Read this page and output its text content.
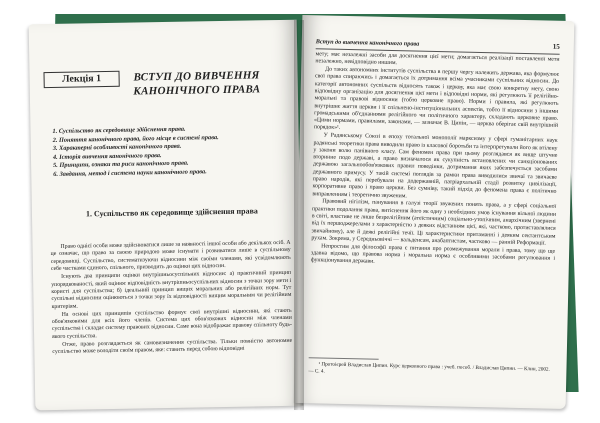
Лекція 1	ВСТУП ДО ВИВЧЕННЯ КАНОНІЧНОГО ПРАВА
1. Суспільство як середовище здійснення права.
2. Поняття канонічного права, його місце в системі права.
3. Характерні особливості канонічного права.
4. Історія вивчення канонічного права.
5. Принципи, ознаки та риси канонічного права.
6. Завдання, метод і система науки канонічного права.
1. Суспільство як середовище здійснення права

Право однієї особи може здійснюватися лише за наявності іншої особи або декількох осіб. А це означає, що право за своєю природою може існувати і розвиватися лише в суспільному середовищі. Суспільство, систематизуючи відносини між своїми членами, які усвідомлюють себе частками єдиного, спільного, призводить до оцінки цих відносин.

Існують два принципи оцінки внутрішньосуспільних відносин: а) практичний принцип упорядкованості, який оцінює відповідність внутрішньосуспільних відносин з точки зору мети і користі для суспільства; б) ідеальний принцип вищих моральних або релігійних норм. Тут суспільні відносини оцінюються з точки зору їх відповідності вищим моральним чи релігійним критеріям.

На основі цих принципів суспільство формує свої внутрішні відносини, які стають обов'язковими для всіх його членів. Система цих обов'язкових відносин між членами суспільства і складає систему правових відносин. Саме вона відображає правову спільноту будь-якого суспільства.

Отже, право розглядається як самовизначення суспільства. Тільки повністю автономне суспільство може володіти своїм правом, яке: ставить перед собою відповідні

Вступ до вивчення канонічного права	15

мету; має незалежні засоби для досягнення цієї мети; домагається реалізації поставленої мети незалежно, невідповідно иншим.

До таких автономних інститутів суспільства в першу чергу належить держава, яка формулює свої права спираючись і домагається їх дотримання всіма учасниками суспільних відносин. До категорії автономних суспільств відносять також і церкву, яка має свою конкретну мету, свою відповідну організацію для досягнення цієї мети і відповідні норми, які регулюють її релігійно-моральні та правові відносини (тобто церковне право). Норми і правила, які регулюють внутрішнє життя церкви і її спільнено-інституціональних аспектів, тобто її відносини з іншими громадськими об'єднаннями релігійного чи політичного характеру, складають церковне право. «Цими нормами, правилами, законами, — зазначає В. Ципін, — церква оберігає свій внутрішній порядок»¹.

У Радянському Союзі в епоху тотальної монополії марксизму у сфері гуманітарних наук радянські теоретики права виводили право із класової боротьби та інтерпретували його як втілену у закони волю панівного класу. Сам феномен права при цьому розглядався як вище штучне вторинне подо державі, а право визначалося як сукупність встановлених чи санкціонованих державою загальнообов'язкових правил поведінки, дотримання яких забезпечується засобами державного примусу. У такій системі поглядів за рамки права виводилися звичаї та звичаєве право народів, які перебували на додержавній, патріархальній стадії розвитку цивілізації, корпоративне право і право церкви. Без сумніву, такий підхід до феномена права є політично виправленням і теоретично звуженим.

Правовий нігілізм, панування в галузі теорії звужених понять права, а у сфері соціальної практики подолання права, витіснення його як одну з необхідних умов існування вільної людини в світі, властиве не лише безрелігійним (атеїстичним) соціально-утопічним, анархічним (звернені від їх першоджерелами з характерністю з деяких відстанням цієї, які, частково, протиставлялися звичайному), але й деякі релігійні течії. Ці характеристики притаманні і деяким сектантським рухам. Зокрема, у Середньовіччі — вальденсам, анабаптистам, частково — ранній Реформації.

Непростим для філософії права є питання про розмежування морали і права, тому що ще здавна відомо, що правова норма і моральна норма є особливими засобами регулювання і функціонування держави.

¹ Протоієрей Владислав Ципин. Курс церковного права : учеб. пособ. / Владислав Ципин. — Клин, 2002. — С. 4.
